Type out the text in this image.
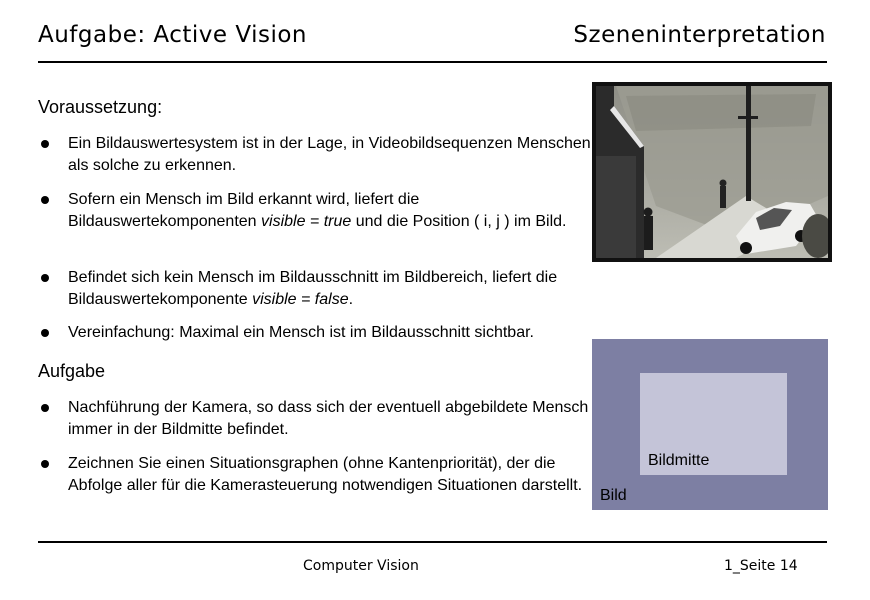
Aufgabe: Active Vision	Szeneninterpretation
Voraussetzung:
Ein Bildauswertesystem ist in der Lage, in Videobildsequenzen Menschen als solche zu erkennen.
Sofern ein Mensch im Bild erkannt wird, liefert die Bildauswertekomponenten visible = true und die Position ( i, j ) im Bild.
Befindet sich kein Mensch im Bildausschnitt im Bildbereich, liefert die Bildauswertekomponente visible = false.
Vereinfachung: Maximal ein Mensch ist im Bildausschnitt sichtbar.
Aufgabe
Nachführung der Kamera, so dass sich der eventuell abgebildete Mensch immer in der Bildmitte befindet.
Zeichnen Sie einen Situationsgraphen (ohne Kantenpriorität), der die Abfolge aller für die Kamerasteuerung notwendigen Situationen darstellt.
Bildmitte
Bild
Computer Vision	1_Seite 14
